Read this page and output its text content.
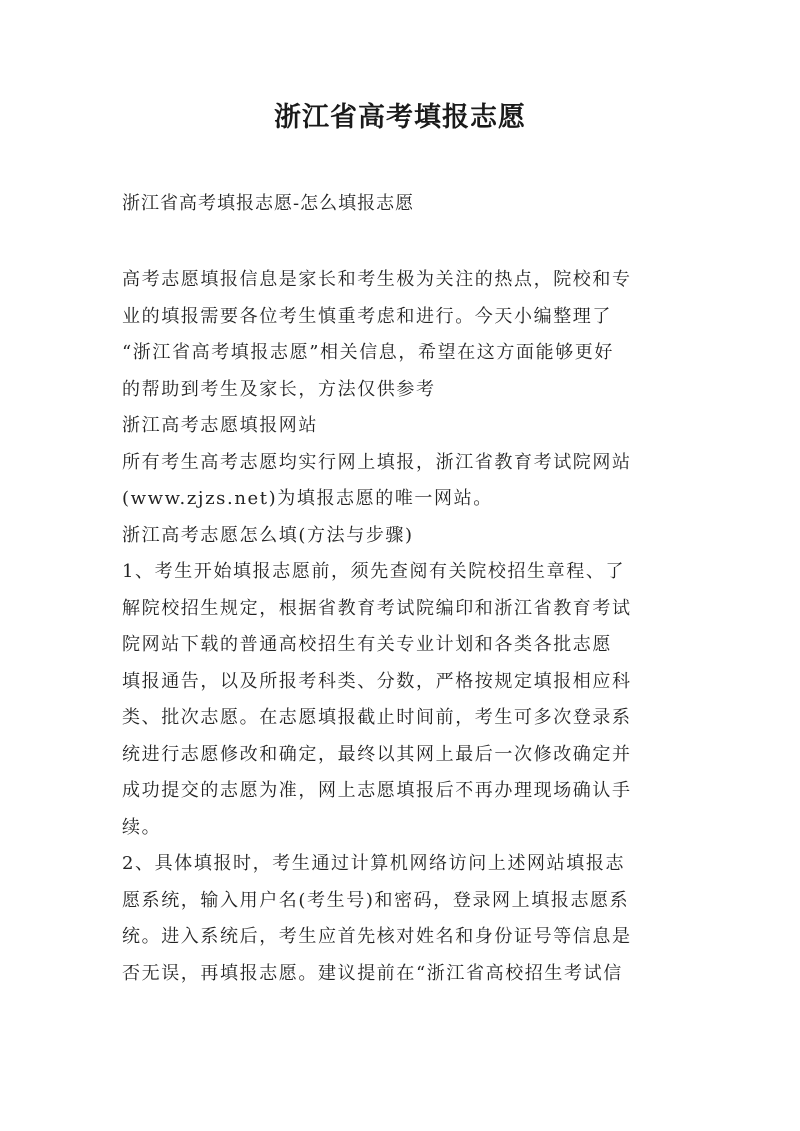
浙江省高考填报志愿
浙江省高考填报志愿-怎么填报志愿
高考志愿填报信息是家长和考生极为关注的热点，院校和专
业的填报需要各位考生慎重考虑和进行。今天小编整理了
“浙江省高考填报志愿”相关信息，希望在这方面能够更好
的帮助到考生及家长，方法仅供参考
浙江高考志愿填报网站
所有考生高考志愿均实行网上填报，浙江省教育考试院网站
(www.zjzs.net)为填报志愿的唯一网站。
浙江高考志愿怎么填(方法与步骤)
1、考生开始填报志愿前，须先查阅有关院校招生章程、了
解院校招生规定，根据省教育考试院编印和浙江省教育考试
院网站下载的普通高校招生有关专业计划和各类各批志愿
填报通告，以及所报考科类、分数，严格按规定填报相应科
类、批次志愿。在志愿填报截止时间前，考生可多次登录系
统进行志愿修改和确定，最终以其网上最后一次修改确定并
成功提交的志愿为准，网上志愿填报后不再办理现场确认手
续。
2、具体填报时，考生通过计算机网络访问上述网站填报志
愿系统，输入用户名(考生号)和密码，登录网上填报志愿系
统。进入系统后，考生应首先核对姓名和身份证号等信息是
否无误，再填报志愿。建议提前在“浙江省高校招生考试信
